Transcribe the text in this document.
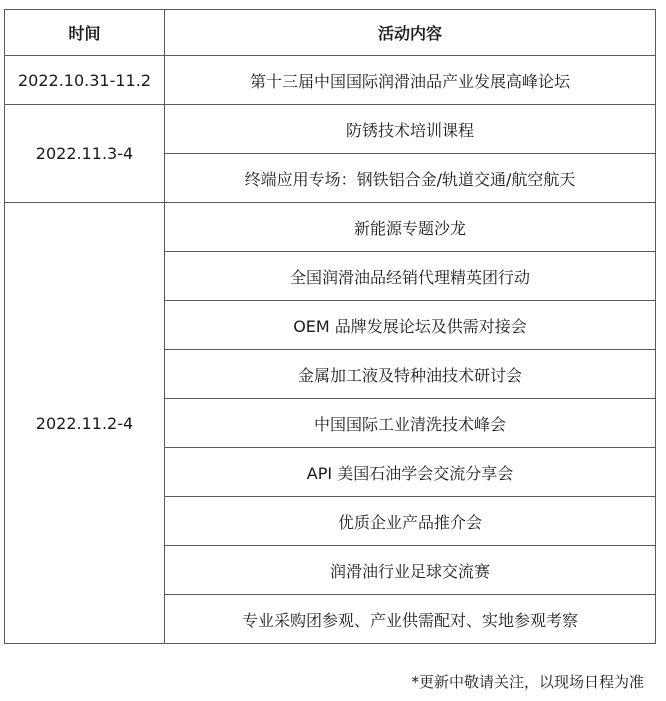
时间	活动内容
2022.10.31-11.2	第十三届中国国际润滑油品产业发展高峰论坛
2022.11.3-4	防锈技术培训课程
	终端应用专场：钢铁铝合金/轨道交通/航空航天
2022.11.2-4	新能源专题沙龙
	全国润滑油品经销代理精英团行动
	OEM 品牌发展论坛及供需对接会
	金属加工液及特种油技术研讨会
	中国国际工业清洗技术峰会
	API 美国石油学会交流分享会
	优质企业产品推介会
	润滑油行业足球交流赛
	专业采购团参观、产业供需配对、实地参观考察
*更新中敬请关注，以现场日程为准
